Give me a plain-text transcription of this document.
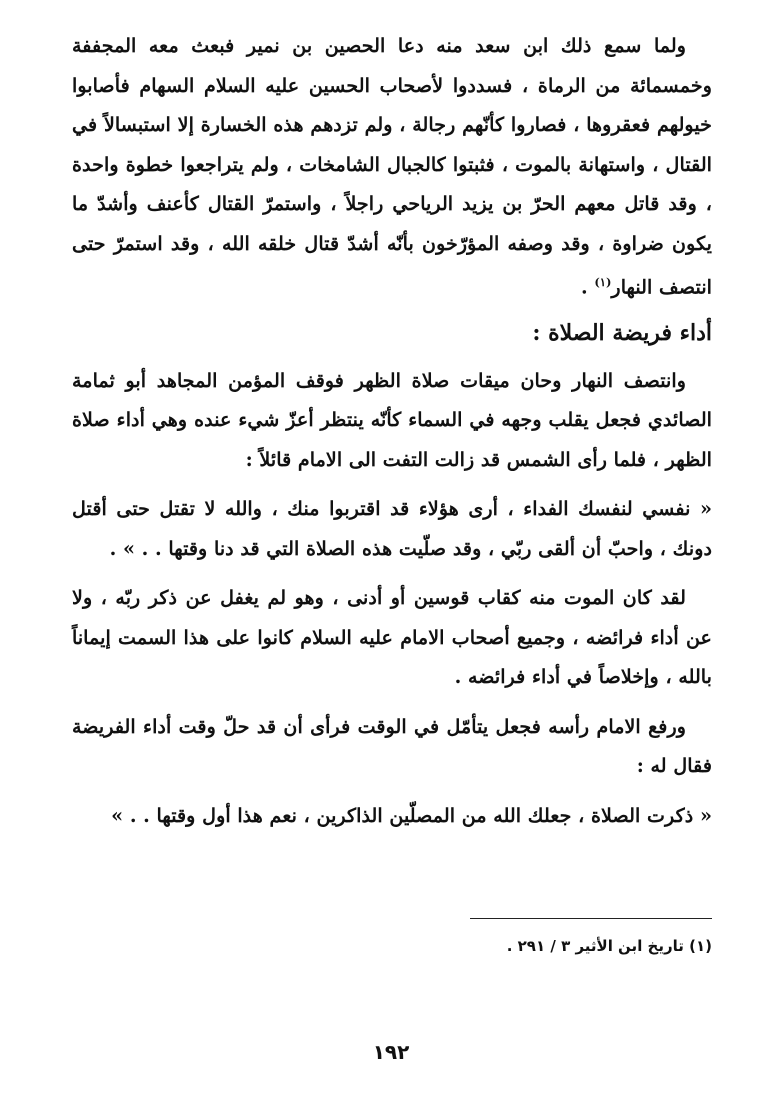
ولما سمع ذلك ابن سعد منه دعا الحصين بن نمير فبعث معه المجففة وخمسمائة من الرماة ، فسددوا لأصحاب الحسين عليه السلام السهام فأصابوا خيولهم فعقروها ، فصاروا كأنّهم رجالة ، ولم تزدهم هذه الخسارة إلا استبسالاً في القتال ، واستهانة بالموت ، فثبتوا كالجبال الشامخات ، ولم يتراجعوا خطوة واحدة ، وقد قاتل معهم الحرّ بن يزيد الرياحي راجلاً ، واستمرّ القتال كأعنف وأشدّ ما يكون ضراوة ، وقد وصفه المؤرّخون بأنّه أشدّ قتال خلقه الله ، وقد استمرّ حتى انتصف النهار$^{(١)}$ .
أداء فريضة الصلاة :
وانتصف النهار وحان ميقات صلاة الظهر فوقف المؤمن المجاهد أبو ثمامة الصائدي فجعل يقلب وجهه في السماء كأنّه ينتظر أعزّ شيء عنده وهي أداء صلاة الظهر ، فلما رأى الشمس قد زالت التفت الى الامام قائلاً :
« نفسي لنفسك الفداء ، أرى هؤلاء قد اقتربوا منك ، والله لا تقتل حتى أقتل دونك ، واحبّ أن ألقى ربّي ، وقد صلّيت هذه الصلاة التي قد دنا وقتها . . » .
لقد كان الموت منه كقاب قوسين أو أدنى ، وهو لم يغفل عن ذكر ربّه ، ولا عن أداء فرائضه ، وجميع أصحاب الامام عليه السلام كانوا على هذا السمت إيماناً بالله ، وإخلاصاً في أداء فرائضه .
ورفع الامام رأسه فجعل يتأمّل في الوقت فرأى أن قد حلّ وقت أداء الفريضة فقال له :
« ذكرت الصلاة ، جعلك الله من المصلّين الذاكرين ، نعم هذا أول وقتها . . »
(١) تاريخ ابن الأثير ٣ / ٢٩١ .
١٩٢
